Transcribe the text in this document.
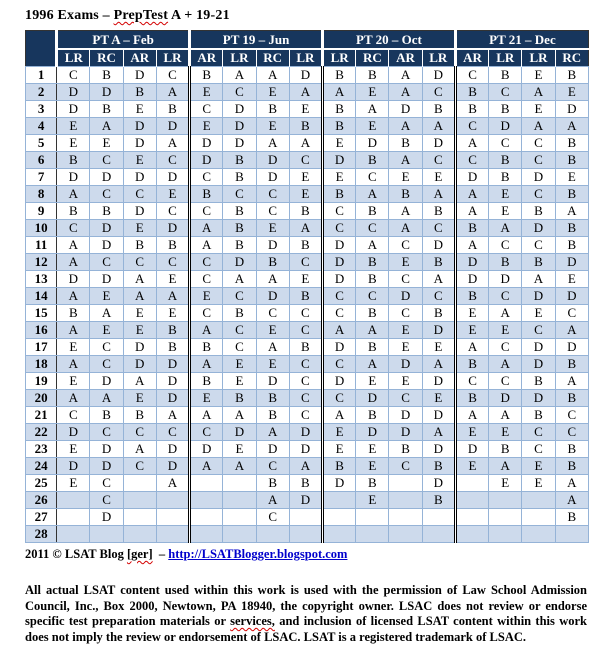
1996 Exams – PrepTest A + 19-21
	PT A – Feb				PT 19 – Jun				PT 20 – Oct				PT 21 – Dec			
	LR	RC	AR	LR	AR	LR	RC	LR	LR	RC	AR	LR	AR	LR	LR	RC
1	C	B	D	C	B	A	A	D	B	B	A	D	C	B	E	B
2	D	D	B	A	E	C	E	A	A	E	A	C	B	C	A	E
3	D	B	E	B	C	D	B	E	B	A	D	B	B	B	E	D
4	E	A	D	D	E	D	E	B	B	E	A	A	C	D	A	A
5	E	E	D	A	D	D	A	A	E	D	B	D	A	C	C	B
6	B	C	E	C	D	B	D	C	D	B	A	C	C	B	C	B
7	D	D	D	D	C	B	D	E	E	C	E	E	D	B	D	E
8	A	C	C	E	B	C	C	E	B	A	B	A	A	E	C	B
9	B	B	D	C	C	B	C	B	C	B	A	B	A	E	B	A
10	C	D	E	D	A	B	E	A	C	C	A	C	B	A	D	B
11	A	D	B	B	A	B	D	B	D	A	C	D	A	C	C	B
12	A	C	C	C	C	D	B	C	D	B	E	B	D	B	B	D
13	D	D	A	E	C	A	A	E	D	B	C	A	D	D	A	E
14	A	E	A	A	E	C	D	B	C	C	D	C	B	C	D	D
15	B	A	E	E	C	B	C	C	C	B	C	B	E	A	E	C
16	A	E	E	B	A	C	E	C	A	A	E	D	E	E	C	A
17	E	C	D	B	B	C	A	B	D	B	E	E	A	C	D	D
18	A	C	D	D	A	E	E	C	C	A	D	A	B	A	D	B
19	E	D	A	D	B	E	D	C	D	E	E	D	C	C	B	A
20	A	A	E	D	E	B	B	C	C	D	C	E	B	D	D	B
21	C	B	B	A	A	A	B	C	A	B	D	D	A	A	B	C
22	D	C	C	C	C	D	A	D	E	D	D	A	E	E	C	C
23	E	D	A	D	D	E	D	D	E	E	B	D	D	B	C	B
24	D	D	C	D	A	A	C	A	B	E	C	B	E	A	E	B
25	E	C		A			B	B	D	B		D		E	E	A
26		C					A	D		E		B				A
27		D					C									B
28																
2011 © LSAT Blog [ger] – http://LSATBlogger.blogspot.com

All actual LSAT content used within this work is used with the permission of Law School Admission Council, Inc., Box 2000, Newtown, PA 18940, the copyright owner. LSAC does not review or endorse specific test preparation materials or services, and inclusion of licensed LSAT content within this work does not imply the review or endorsement of LSAC. LSAT is a registered trademark of LSAC.
